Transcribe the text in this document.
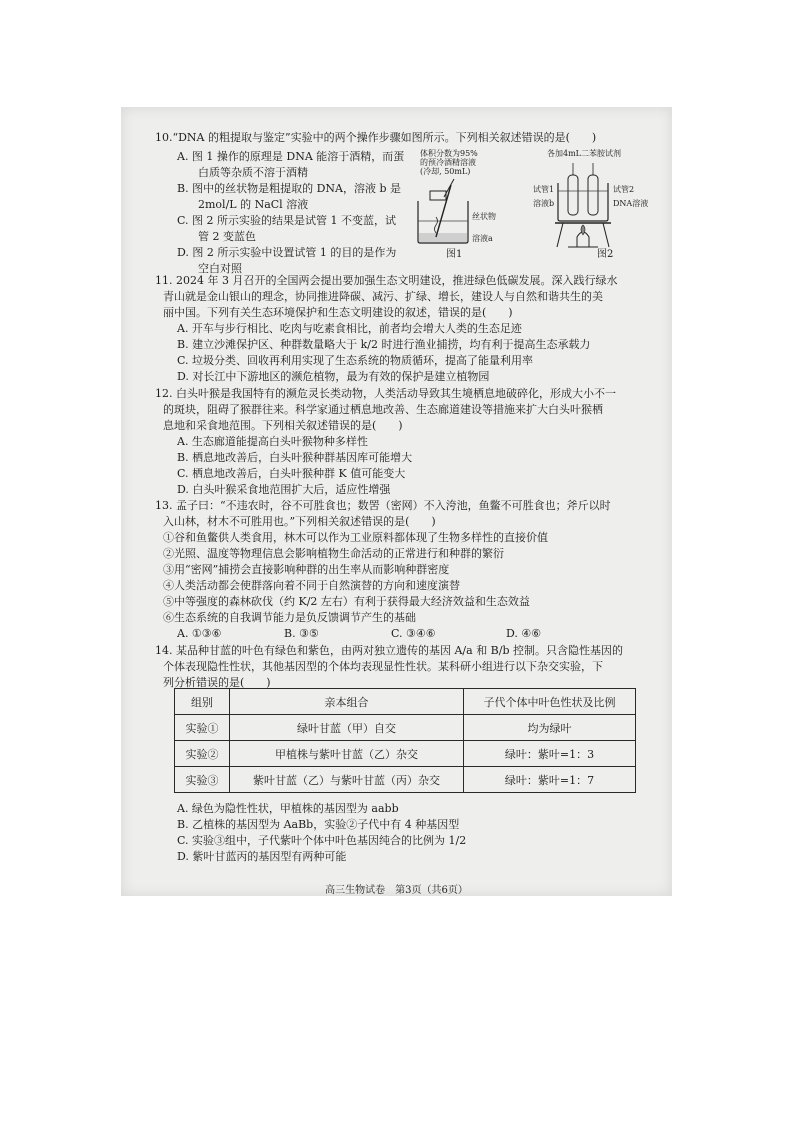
10.“DNA 的粗提取与鉴定”实验中的两个操作步骤如图所示。下列相关叙述错误的是(　　)
A. 图 1 操作的原理是 DNA 能溶于酒精，而蛋
白质等杂质不溶于酒精
B. 图中的丝状物是粗提取的 DNA，溶液 b 是
2mol/L 的 NaCl 溶液
C. 图 2 所示实验的结果是试管 1 不变蓝，试
管 2 变蓝色
D. 图 2 所示实验中设置试管 1 的目的是作为
空白对照
体积分数为95%
的预冷酒精溶液
(冷却, 50mL)
丝状物
溶液a
图1
各加4mL二苯胺试剂
试管1
溶液b
试管2
DNA溶液
图2
11. 2024 年 3 月召开的全国两会提出要加强生态文明建设，推进绿色低碳发展。深入践行绿水
青山就是金山银山的理念，协同推进降碳、减污、扩绿、增长，建设人与自然和谐共生的美
丽中国。下列有关生态环境保护和生态文明建设的叙述，错误的是(　　)
A. 开车与步行相比、吃肉与吃素食相比，前者均会增大人类的生态足迹
B. 建立沙滩保护区、种群数量略大于 k/2 时进行渔业捕捞，均有利于提高生态承载力
C. 垃圾分类、回收再利用实现了生态系统的物质循环，提高了能量利用率
D. 对长江中下游地区的濒危植物，最为有效的保护是建立植物园
12. 白头叶猴是我国特有的濒危灵长类动物，人类活动导致其生境栖息地破碎化，形成大小不一
的斑块，阻碍了猴群往来。科学家通过栖息地改善、生态廊道建设等措施来扩大白头叶猴栖
息地和采食地范围。下列相关叙述错误的是(　　)
A. 生态廊道能提高白头叶猴物种多样性
B. 栖息地改善后，白头叶猴种群基因库可能增大
C. 栖息地改善后，白头叶猴种群 K 值可能变大
D. 白头叶猴采食地范围扩大后，适应性增强
13. 孟子曰：“不违农时，谷不可胜食也；数罟（密网）不入洿池，鱼鳖不可胜食也；斧斤以时
入山林，材木不可胜用也。”下列相关叙述错误的是(　　)
①谷和鱼鳖供人类食用，林木可以作为工业原料都体现了生物多样性的直接价值
②光照、温度等物理信息会影响植物生命活动的正常进行和种群的繁衍
③用“密网”捕捞会直接影响种群的出生率从而影响种群密度
④人类活动都会使群落向着不同于自然演替的方向和速度演替
⑤中等强度的森林砍伐（约 K/2 左右）有利于获得最大经济效益和生态效益
⑥生态系统的自我调节能力是负反馈调节产生的基础
A. ①③⑥	B. ③⑤	C. ③④⑥	D. ④⑥
14. 某品种甘蓝的叶色有绿色和紫色，由两对独立遗传的基因 A/a 和 B/b 控制。只含隐性基因的
个体表现隐性性状，其他基因型的个体均表现显性性状。某科研小组进行以下杂交实验，下
列分析错误的是(　　)
组别	亲本组合	子代个体中叶色性状及比例
实验①	绿叶甘蓝（甲）自交	均为绿叶
实验②	甲植株与紫叶甘蓝（乙）杂交	绿叶：紫叶=1：3
实验③	紫叶甘蓝（乙）与紫叶甘蓝（丙）杂交	绿叶：紫叶=1：7
A. 绿色为隐性性状，甲植株的基因型为 aabb
B. 乙植株的基因型为 AaBb，实验②子代中有 4 种基因型
C. 实验③组中，子代紫叶个体中叶色基因纯合的比例为 1/2
D. 紫叶甘蓝丙的基因型有两种可能
高三生物试卷　第3页（共6页）
